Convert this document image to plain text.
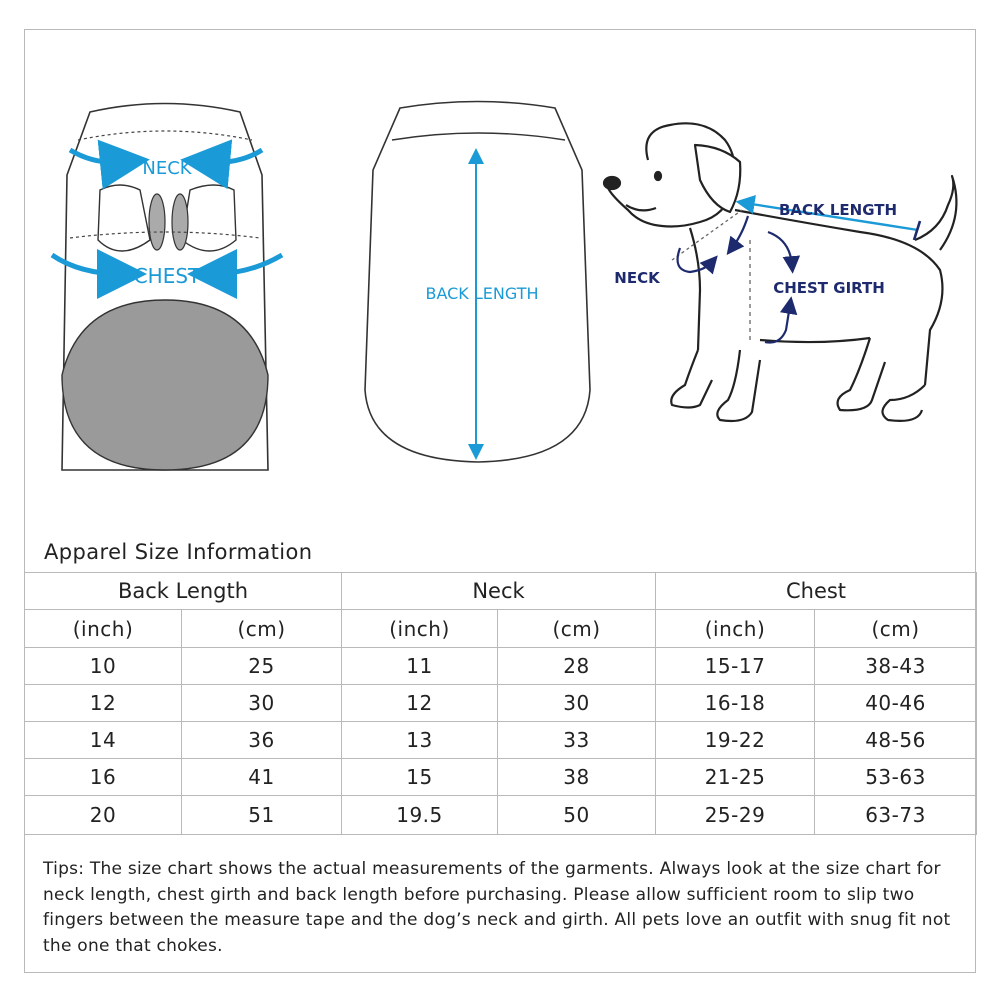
NECK
CHEST
BACK LENGTH
BACK LENGTH
NECK
CHEST GIRTH
Apparel Size Information
Back Length		Neck		Chest	
(inch)	(cm)	(inch)	(cm)	(inch)	(cm)
10	25	11	28	15-17	38-43
12	30	12	30	16-18	40-46
14	36	13	33	19-22	48-56
16	41	15	38	21-25	53-63
20	51	19.5	50	25-29	63-73

Tips: The size chart shows the actual measurements of the garments. Always look at the size chart for neck length, chest girth and back length before purchasing. Please allow sufficient room to slip two fingers between the measure tape and the dog’s neck and girth. All pets love an outfit with snug fit not the one that chokes.
